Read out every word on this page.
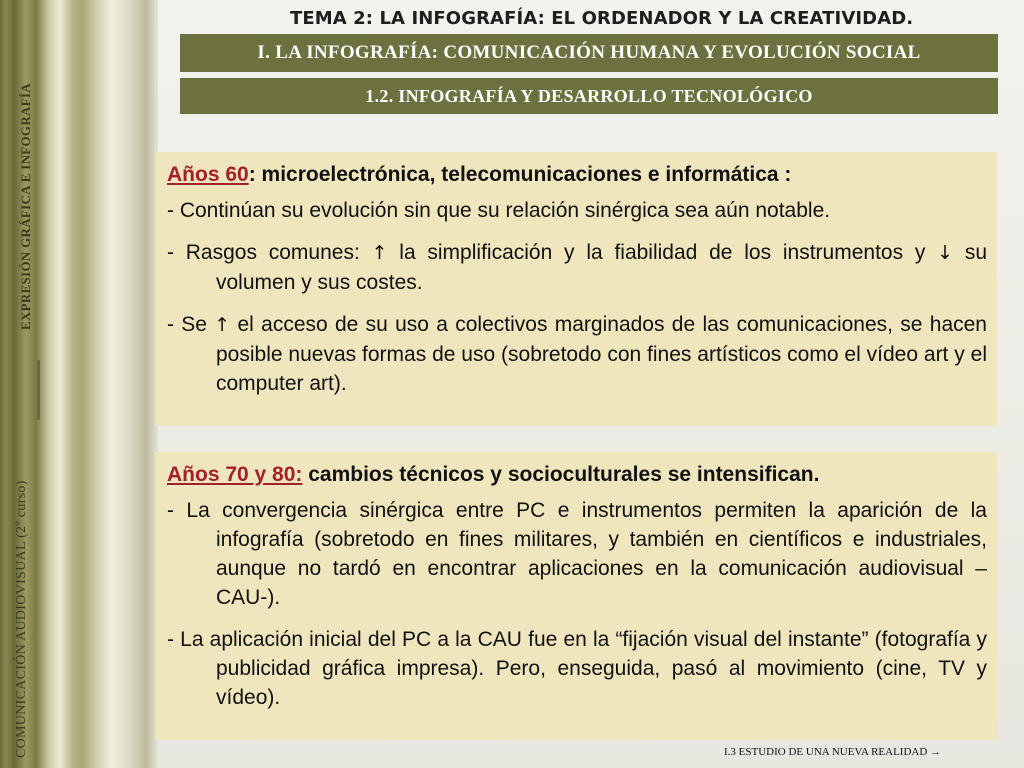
EXPRESIÓN GRÁFICA E INFOGRAFÍA
COMUNICACIÓN AUDIOVISUAL (2º curso)
TEMA 2: LA INFOGRAFÍA: EL ORDENADOR Y LA CREATIVIDAD.
I. LA INFOGRAFÍA: COMUNICACIÓN HUMANA Y EVOLUCIÓN SOCIAL
1.2. INFOGRAFÍA Y DESARROLLO TECNOLÓGICO
Años 60: microelectrónica, telecomunicaciones e informática :
- Continúan su evolución sin que su relación sinérgica sea aún notable.
- Rasgos comunes: ↑ la simplificación y la fiabilidad de los instrumentos y ↓ su volumen y sus costes.
- Se ↑ el acceso de su uso a colectivos marginados de las comunicaciones, se hacen posible nuevas formas de uso (sobretodo con fines artísticos como el vídeo art y el computer art).
Años 70 y 80: cambios técnicos y socioculturales se intensifican.
- La convergencia sinérgica entre PC e instrumentos permiten la aparición de la infografía (sobretodo en fines militares, y también en científicos e industriales, aunque no tardó en encontrar aplicaciones en la comunicación audiovisual –CAU-).
- La aplicación inicial del PC a la CAU fue en la “fijación visual del instante” (fotografía y publicidad gráfica impresa). Pero, enseguida, pasó al movimiento (cine, TV y vídeo).
I.3 ESTUDIO DE UNA NUEVA REALIDAD →
